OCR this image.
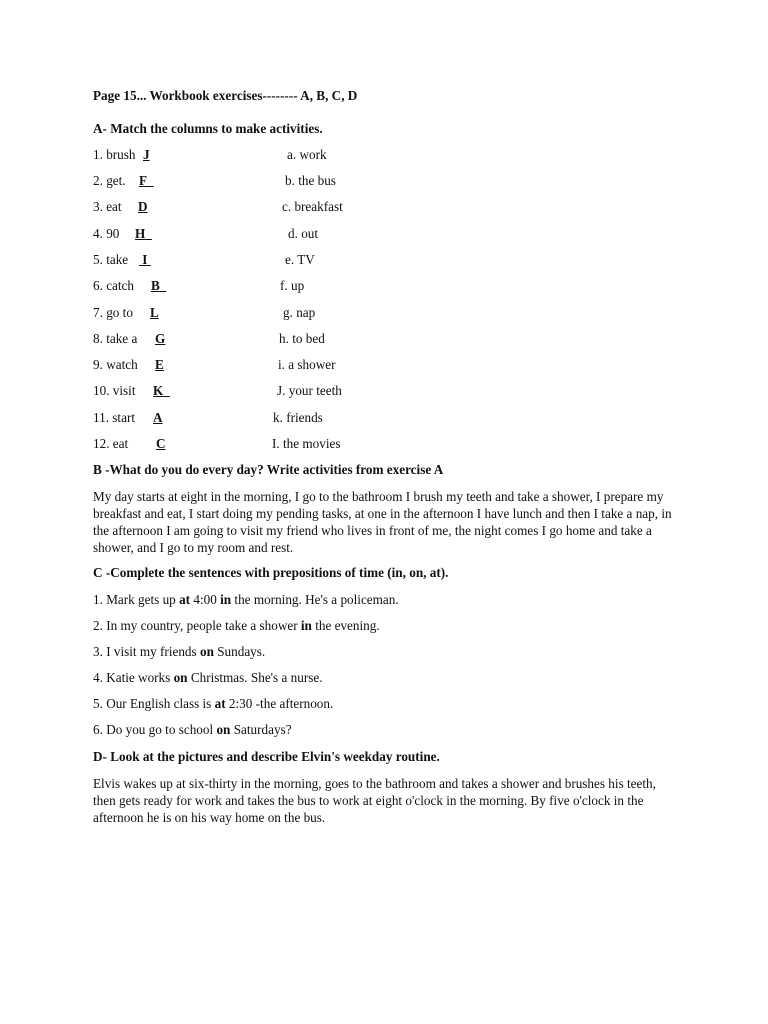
Page 15... Workbook exercises-------- A, B, C, D
A- Match the columns to make activities.
1. brush J	a. work
2. get. F	b. the bus
3. eat D	c. breakfast
4. 90 H	d. out
5. take I	e. TV
6. catch B	f. up
7. go to L	g. nap
8. take a G	h. to bed
9. watch E	i. a shower
10. visit K	J. your teeth
11. start A	k. friends
12. eat C	I. the movies
B -What do you do every day? Write activities from exercise A
My day starts at eight in the morning, I go to the bathroom I brush my teeth and take a shower, I prepare my breakfast and eat, I start doing my pending tasks, at one in the afternoon I have lunch and then I take a nap, in the afternoon I am going to visit my friend who lives in front of me, the night comes I go home and take a shower, and I go to my room and rest.
C -Complete the sentences with prepositions of time (in, on, at).
1. Mark gets up at 4:00 in the morning. He's a policeman.
2. In my country, people take a shower in the evening.
3. I visit my friends on Sundays.
4. Katie works on Christmas. She's a nurse.
5. Our English class is at 2:30 -the afternoon.
6. Do you go to school on Saturdays?
D- Look at the pictures and describe Elvin's weekday routine.
Elvis wakes up at six-thirty in the morning, goes to the bathroom and takes a shower and brushes his teeth, then gets ready for work and takes the bus to work at eight o'clock in the morning. By five o'clock in the afternoon he is on his way home on the bus.
